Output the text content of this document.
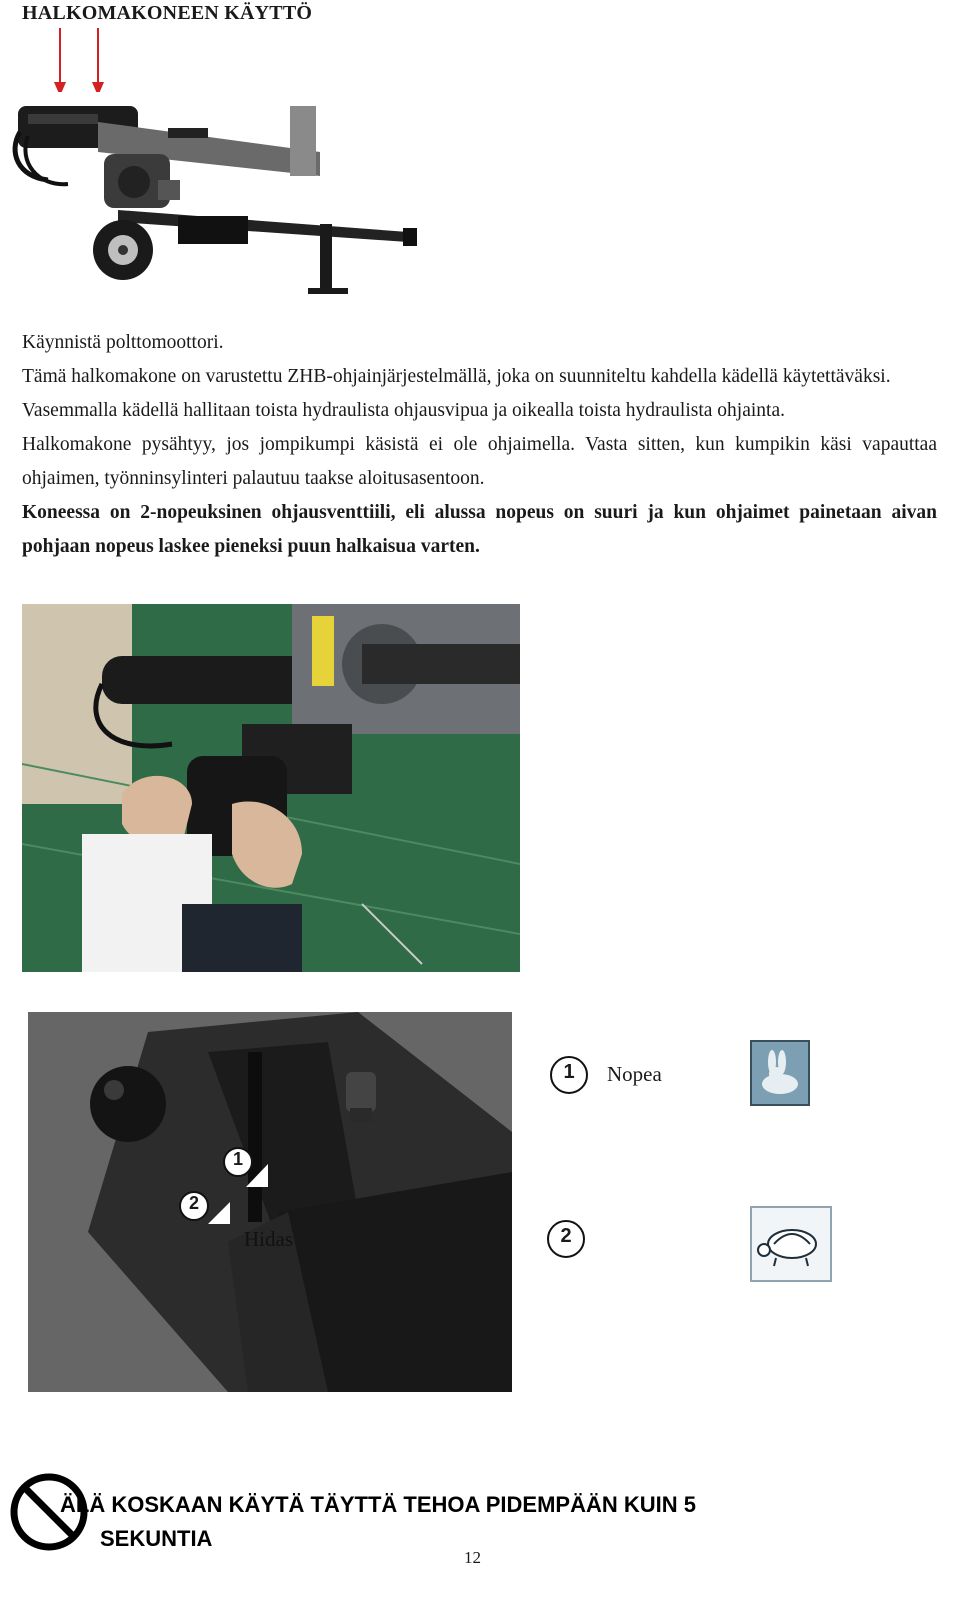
HALKOMAKONEEN KÄYTTÖ

Käynnistä polttomoottori.

Tämä halkomakone on varustettu ZHB-ohjainjärjestelmällä, joka on suunniteltu kahdella kädellä käytettäväksi.

Vasemmalla kädellä hallitaan toista hydraulista ohjausvipua ja oikealla toista hydraulista ohjainta.

Halkomakone pysähtyy, jos jompikumpi käsistä ei ole ohjaimella. Vasta sitten, kun kumpikin käsi vapauttaa ohjaimen, työnninsylinteri palautuu taakse aloitusasentoon.

Koneessa on 2-nopeuksinen ohjausventtiili, eli alussa nopeus on suuri ja kun ohjaimet painetaan aivan pohjaan nopeus laskee pieneksi puun halkaisua varten.

1
2
Hidas
1	Nopea
2
ÄLÄ KOSKAAN KÄYTÄ TÄYTTÄ TEHOA PIDEMPÄÄN KUIN 5
SEKUNTIA
12
